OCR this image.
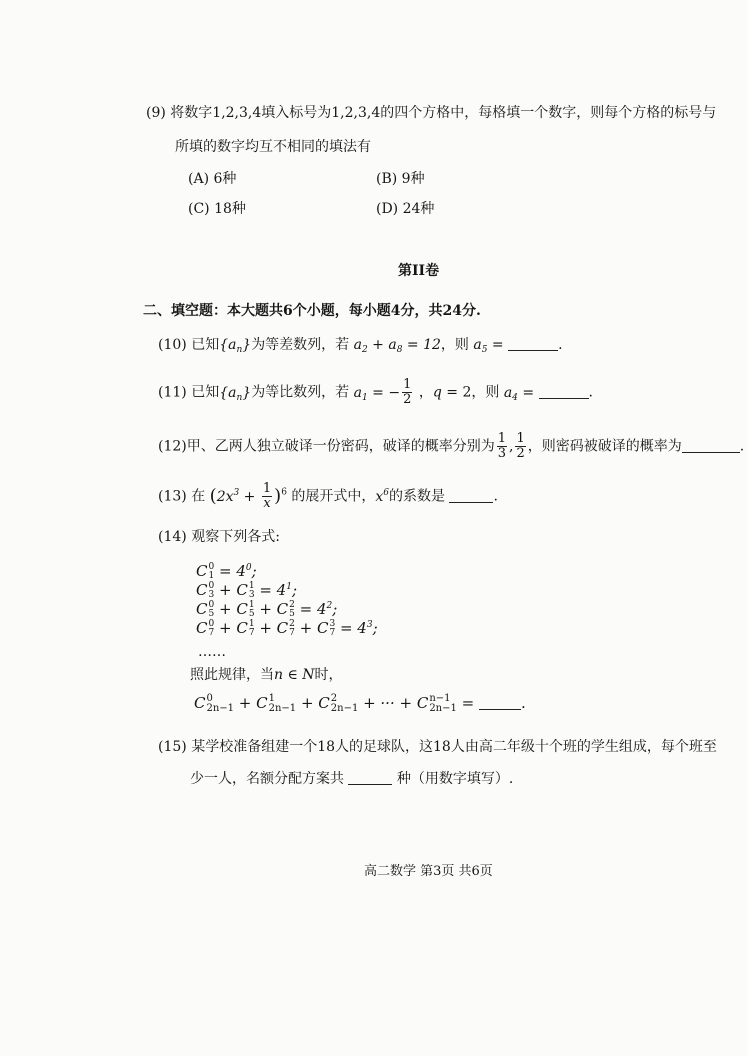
(9) 将数字1,2,3,4填入标号为1,2,3,4的四个方格中，每格填一个数字，则每个方格的标号与
所填的数字均互不相同的填法有
(A) 6种	(B) 9种
(C) 18种	(D) 24种
第II卷
二、填空题：本大题共6个小题，每小题4分，共24分.
(10) 已知$\{a_n\}$为等差数列，若 $a_2 + a_8 = 12$，则 $a_5$ =	.
(11) 已知$\{a_n\}$为等比数列，若 $a_1$ = − $\frac{1}{2}$ ，q = 2，则 $a_4$ =	.
(12)甲、乙两人独立破译一份密码，破译的概率分别为 $\frac{1}{3}$ , $\frac{1}{2}$ ，则密码被破译的概率为	.
(13) 在 $(2x^3 + \frac{1}{x} )^6$ 的展开式中，$x^6$的系数是	.
(14) 观察下列各式:
C 0
$1 = 4^0$;
C 0
3 + C 1
$3 = 4^1$;
C 0
5 + C 1
5 + C 2
$5 = 4^2$;
C 0
7 + C 1
7 + C 2
7 + C 3
$7 = 4^3$;
……
照此规律，当n ∈ N时，
C 0
2n−1 + C 1
2n−1 + C 2
2n−1 + ··· + C n−1
2n−1 =	.
(15) 某学校准备组建一个18人的足球队，这18人由高二年级十个班的学生组成，每个班至
少一人，名额分配方案共	种（用数字填写）.
高二数学 第3页 共6页
